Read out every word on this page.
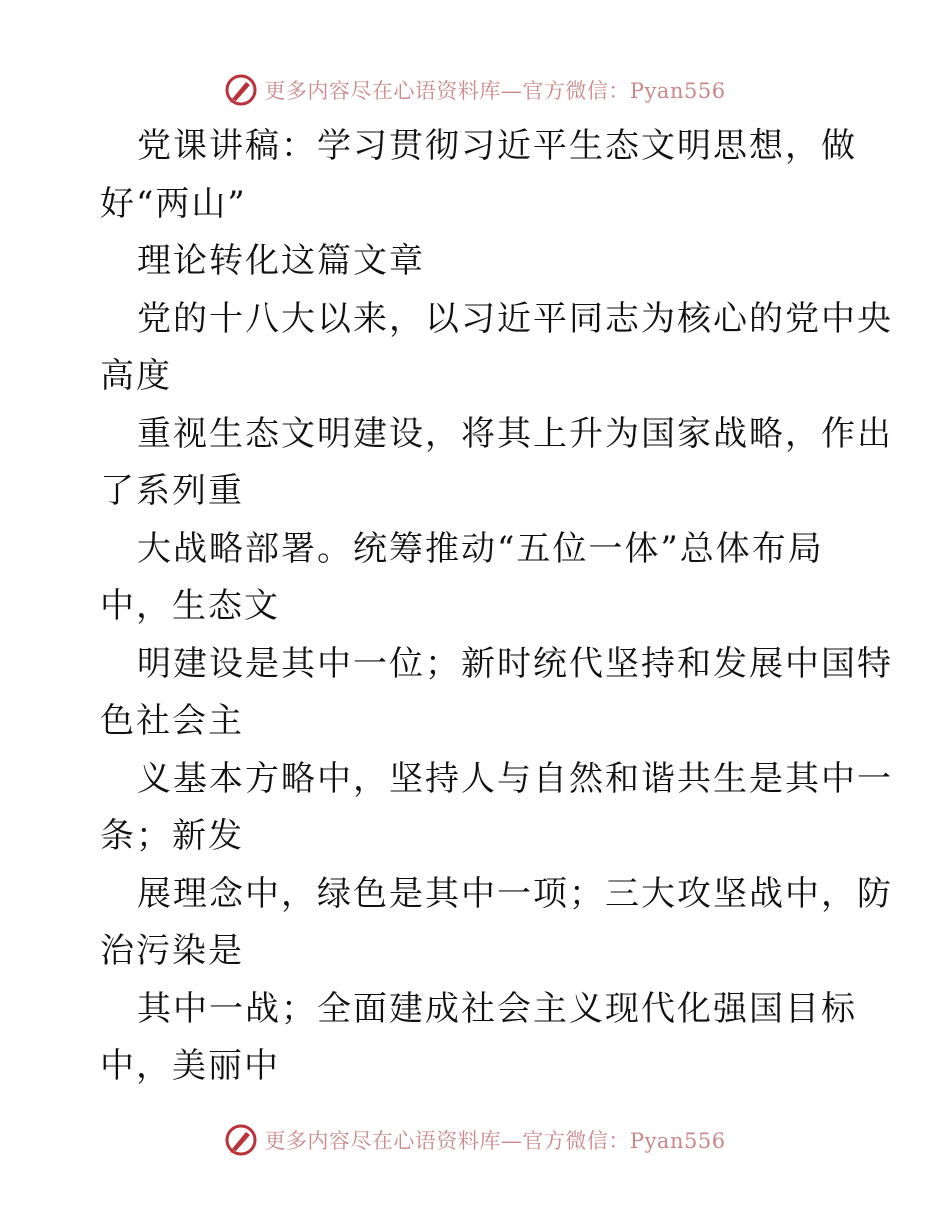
更多内容尽在心语资料库—官方微信：Pyan556
党课讲稿：学习贯彻习近平生态文明思想，做
好“两山”
理论转化这篇文章
党的十八大以来，以习近平同志为核心的党中央
高度
重视生态文明建设，将其上升为国家战略，作出
了系列重
大战略部署。统筹推动“五位一体”总体布局
中，生态文
明建设是其中一位；新时统代坚持和发展中国特
色社会主
义基本方略中，坚持人与自然和谐共生是其中一
条；新发
展理念中，绿色是其中一项；三大攻坚战中，防
治污染是
其中一战；全面建成社会主义现代化强国目标
中，美丽中
更多内容尽在心语资料库—官方微信：Pyan556
